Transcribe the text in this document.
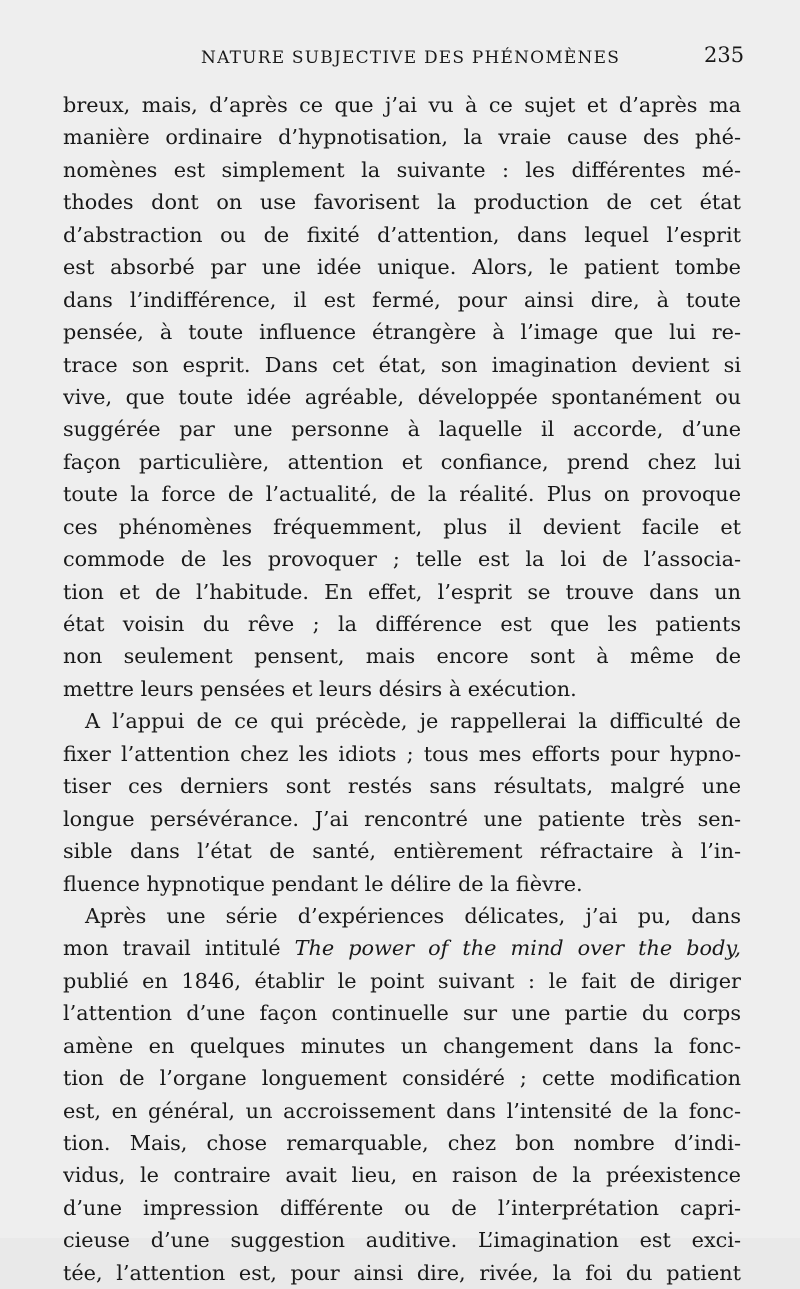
NATURE SUBJECTIVE DES PHÉNOMÈNES	235
breux, mais, d’après ce que j’ai vu à ce sujet et d’après ma
manière ordinaire d’hypnotisation, la vraie cause des phé-
nomènes est simplement la suivante : les différentes mé-
thodes dont on use favorisent la production de cet état
d’abstraction ou de fixité d’attention, dans lequel l’esprit
est absorbé par une idée unique. Alors, le patient tombe
dans l’indifférence, il est fermé, pour ainsi dire, à toute
pensée, à toute influence étrangère à l’image que lui re-
trace son esprit. Dans cet état, son imagination devient si
vive, que toute idée agréable, développée spontanément ou
suggérée par une personne à laquelle il accorde, d’une
façon particulière, attention et confiance, prend chez lui
toute la force de l’actualité, de la réalité. Plus on provoque
ces phénomènes fréquemment, plus il devient facile et
commode de les provoquer ; telle est la loi de l’associa-
tion et de l’habitude. En effet, l’esprit se trouve dans un
état voisin du rêve ; la différence est que les patients
non seulement pensent, mais encore sont à même de
mettre leurs pensées et leurs désirs à exécution.
A l’appui de ce qui précède, je rappellerai la difficulté de
fixer l’attention chez les idiots ; tous mes efforts pour hypno-
tiser ces derniers sont restés sans résultats, malgré une
longue persévérance. J’ai rencontré une patiente très sen-
sible dans l’état de santé, entièrement réfractaire à l’in-
fluence hypnotique pendant le délire de la fièvre.
Après une série d’expériences délicates, j’ai pu, dans
mon travail intitulé The power of the mind over the body,
publié en 1846, établir le point suivant : le fait de diriger
l’attention d’une façon continuelle sur une partie du corps
amène en quelques minutes un changement dans la fonc-
tion de l’organe longuement considéré ; cette modification
est, en général, un accroissement dans l’intensité de la fonc-
tion. Mais, chose remarquable, chez bon nombre d’indi-
vidus, le contraire avait lieu, en raison de la préexistence
d’une impression différente ou de l’interprétation capri-
cieuse d’une suggestion auditive. L’imagination est exci-
tée, l’attention est, pour ainsi dire, rivée, la foi du patient
